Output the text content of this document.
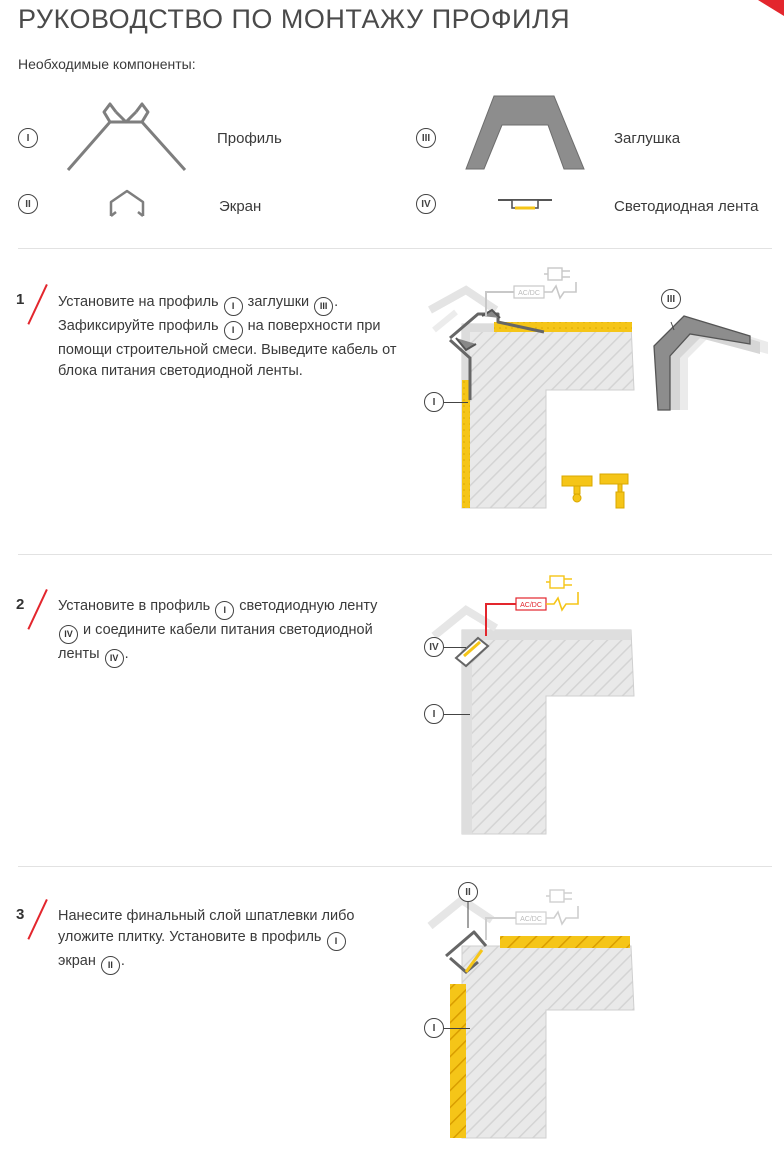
РУКОВОДСТВО ПО МОНТАЖУ ПРОФИЛЯ
Необходимые компоненты:
I	Профиль
II	Экран
III	Заглушка
IV	Светодиодная лента
1 Установите на профиль I заглушки III . Зафиксируйте профиль I на поверхности при помощи строительной смеси. Выведите кабель от блока питания светодиодной ленты.
AC/DC	III
I
2 Установите в профиль I светодиодную ленту IV и соедините кабели питания светодиодной ленты IV .
AC/DC
IV
I
3 Нанесите финальный слой шпатлевки либо уложите плитку. Установите в профиль I экран II .
AC/DC
II
I
